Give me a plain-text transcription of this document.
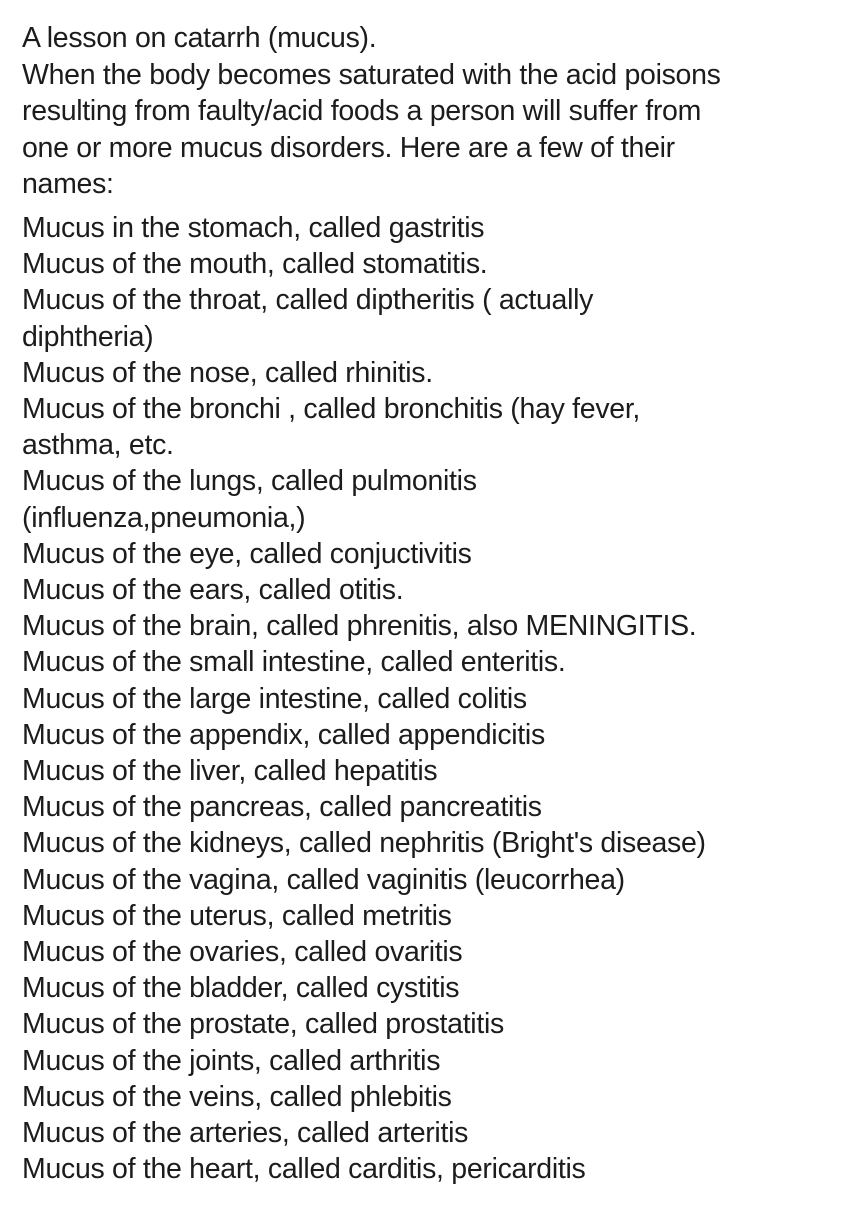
A lesson on catarrh (mucus).
When the body becomes saturated with the acid poisons
resulting from faulty/acid foods a person will suffer from
one or more mucus disorders. Here are a few of their
names:
Mucus in the stomach, called gastritis
Mucus of the mouth, called stomatitis.
Mucus of the throat, called diptheritis ( actually diphtheria)
Mucus of the nose, called rhinitis.
Mucus of the bronchi , called bronchitis (hay fever, asthma, etc.
Mucus of the lungs, called pulmonitis (influenza,pneumonia,)
Mucus of the eye, called conjuctivitis
Mucus of the ears, called otitis.
Mucus of the brain, called phrenitis, also MENINGITIS.
Mucus of the small intestine, called enteritis.
Mucus of the large intestine, called colitis
Mucus of the appendix, called appendicitis
Mucus of the liver, called hepatitis
Mucus of the pancreas, called pancreatitis
Mucus of the kidneys, called nephritis (Bright's disease)
Mucus of the vagina, called vaginitis (leucorrhea)
Mucus of the uterus, called metritis
Mucus of the ovaries, called ovaritis
Mucus of the bladder, called cystitis
Mucus of the prostate, called prostatitis
Mucus of the joints, called arthritis
Mucus of the veins, called phlebitis
Mucus of the arteries, called arteritis
Mucus of the heart, called carditis, pericarditis
